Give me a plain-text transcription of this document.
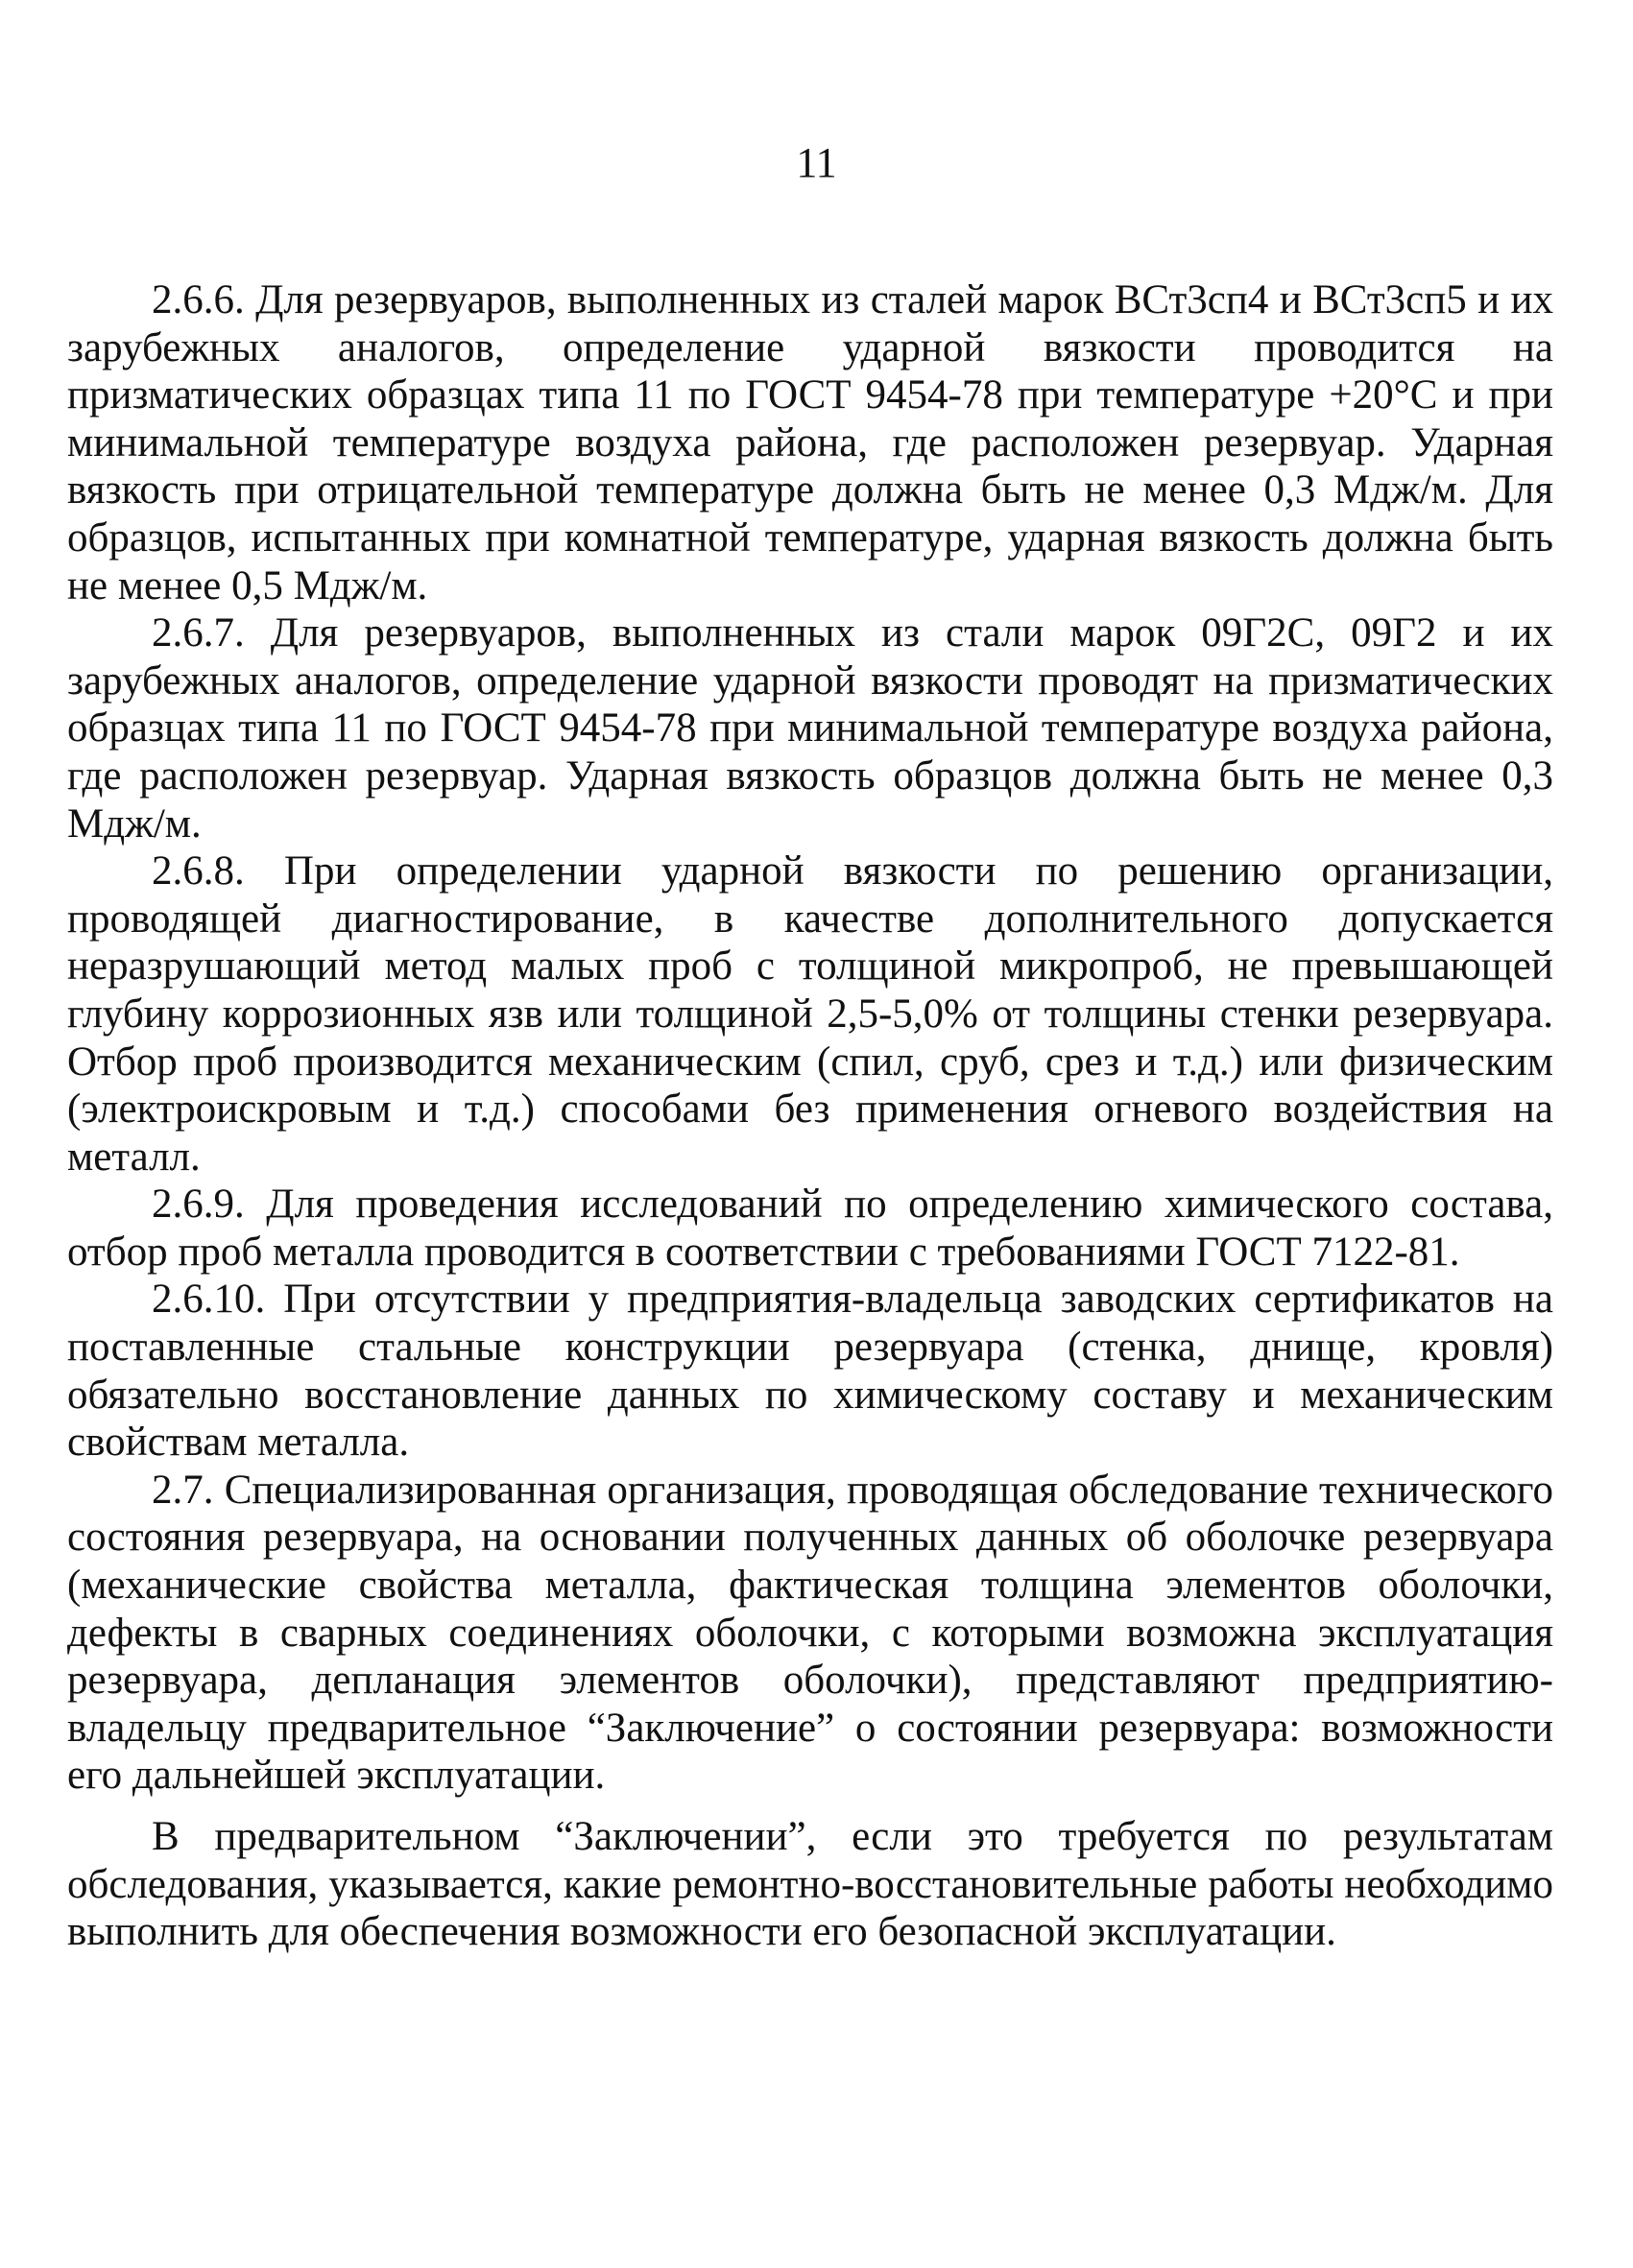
11

2.6.6. Для резервуаров, выполненных из сталей марок ВСт3сп4 и ВСт3сп5 и их зарубежных аналогов, определение ударной вязкости проводится на призматических образцах типа 11 по ГОСТ 9454-78 при температуре +20°С и при минимальной температуре воздуха района, где расположен резервуар. Ударная вязкость при отрицательной температуре должна быть не менее 0,3 Мдж/м. Для образцов, испытанных при комнатной температуре, ударная вязкость должна быть не менее 0,5 Мдж/м.

2.6.7. Для резервуаров, выполненных из стали марок 09Г2С, 09Г2 и их зарубежных аналогов, определение ударной вязкости проводят на призматических образцах типа 11 по ГОСТ 9454-78 при минимальной температуре воздуха района, где расположен резервуар. Ударная вязкость образцов должна быть не менее 0,3 Мдж/м.

2.6.8. При определении ударной вязкости по решению организации, проводящей диагностирование, в качестве дополнительного допускается неразрушающий метод малых проб с толщиной микропроб, не превышающей глубину коррозионных язв или толщиной 2,5-5,0% от толщины стенки резервуара. Отбор проб производится механическим (спил, сруб, срез и т.д.) или физическим (электроискровым и т.д.) способами без применения огневого воздействия на металл.

2.6.9. Для проведения исследований по определению химического состава, отбор проб металла проводится в соответствии с требованиями ГОСТ 7122-81.

2.6.10. При отсутствии у предприятия-владельца заводских сертификатов на поставленные стальные конструкции резервуара (стенка, днище, кровля) обязательно восстановление данных по химическому составу и механическим свойствам металла.

2.7. Специализированная организация, проводящая обследование технического состояния резервуара, на основании полученных данных об оболочке резервуара (механические свойства металла, фактическая толщина элементов оболочки, дефекты в сварных соединениях оболочки, с которыми возможна эксплуатация резервуара, депланация элементов оболочки), представляют предприятию-владельцу предварительное “Заключение” о состоянии резервуара: возможности его дальнейшей эксплуатации.

В предварительном “Заключении”, если это требуется по результатам обследования, указывается, какие ремонтно-восстановительные работы необходимо выполнить для обеспечения возможности его безопасной эксплуатации.
